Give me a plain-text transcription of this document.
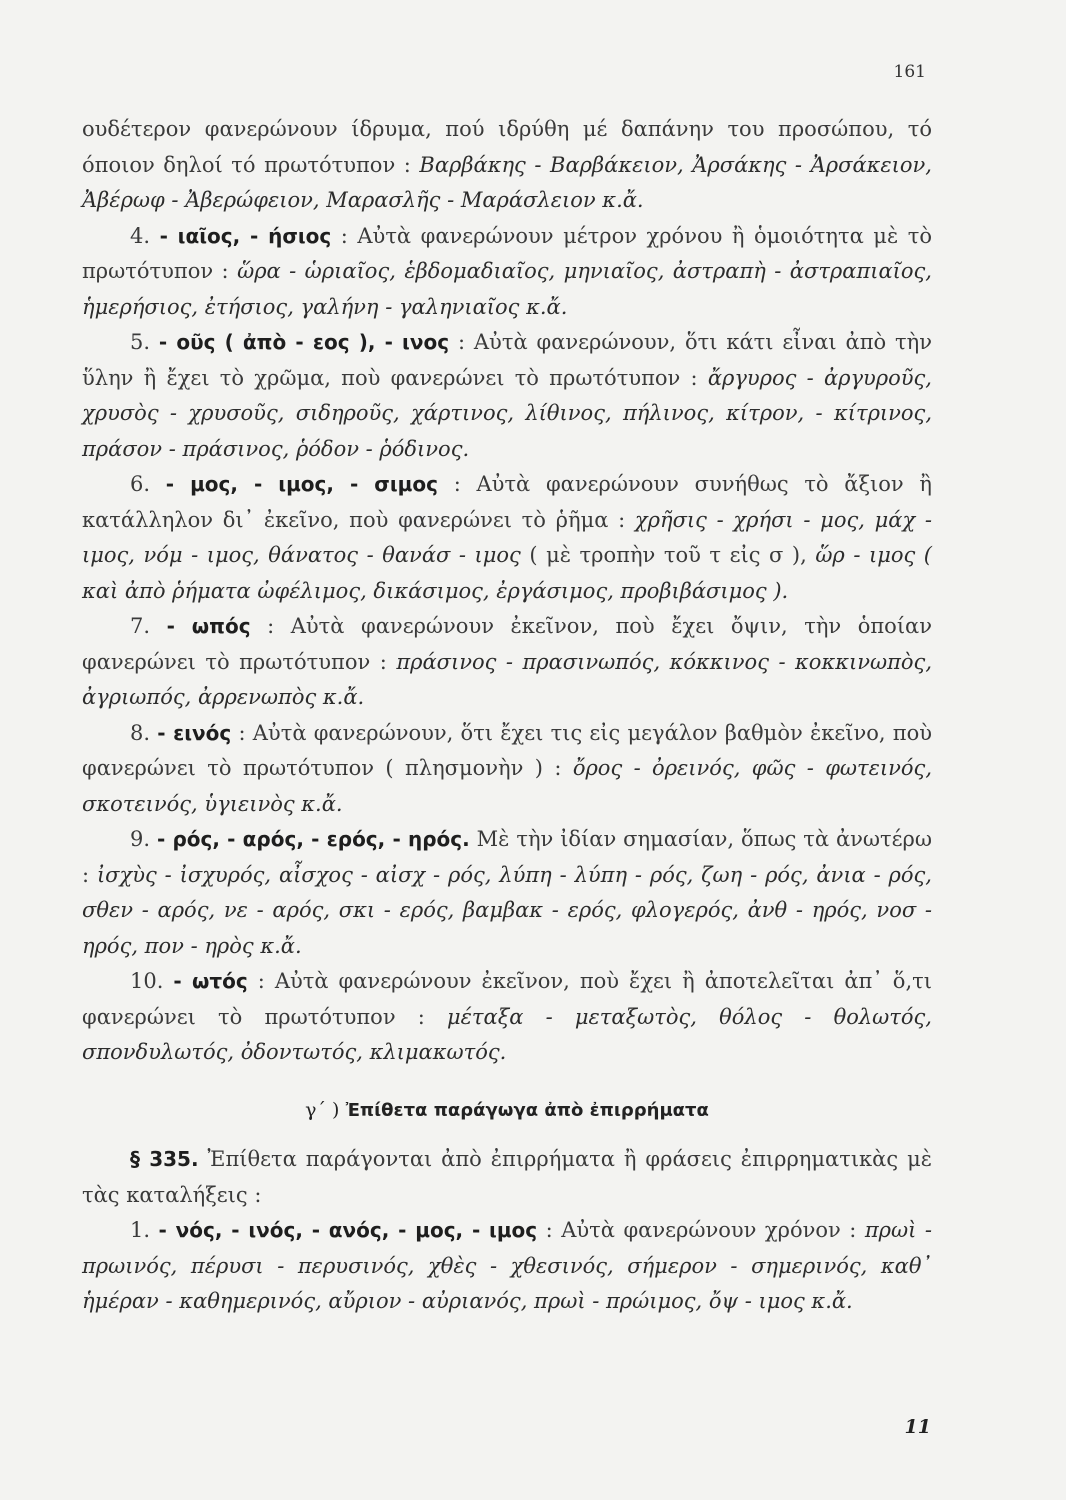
161

ουδέτερον φανερώνουν ίδρυμα, πού ιδρύθη μέ δαπάνην του προσώπου, τό όποιον δηλοί τό πρωτότυπον : Βαρβάκης - Βαρβάκειον, Ἀρσάκης - Ἀρσάκειον, Ἀβέρωφ - Ἀβερώφειον, Μαρασλῆς - Μαράσλειον κ.ἄ.

4. - ιαῖος, - ήσιος : Αὐτὰ φανερώνουν μέτρον χρόνου ἢ ὁμοιότητα μὲ τὸ πρωτότυπον : ὥρα - ὡριαῖος, ἑβδομαδιαῖος, μηνιαῖος, ἀστραπὴ - ἀστραπιαῖος, ἡμερήσιος, ἐτήσιος, γαλήνη - γαληνιαῖος κ.ἄ.

5. - οῦς ( ἀπὸ - εος ), - ινος : Αὐτὰ φανερώνουν, ὅτι κάτι εἶναι ἀπὸ τὴν ὕλην ἢ ἔχει τὸ χρῶμα, ποὺ φανερώνει τὸ πρωτότυπον : ἄργυρος - ἀργυροῦς, χρυσὸς - χρυσοῦς, σιδηροῦς, χάρτινος, λίθινος, πήλινος, κίτρον, - κίτρινος, πράσον - πράσινος, ῥόδον - ῥόδινος.

6. - μος, - ιμος, - σιμος : Αὐτὰ φανερώνουν συνήθως τὸ ἄξιον ἢ κατάλληλον δι᾽ ἐκεῖνο, ποὺ φανερώνει τὸ ῥῆμα : χρῆσις - χρήσι - μος, μάχ - ιμος, νόμ - ιμος, θάνατος - θανάσ - ιμος ( μὲ τροπὴν τοῦ τ εἰς σ ), ὥρ - ιμος ( καὶ ἀπὸ ῥήματα ὠφέλιμος, δικάσιμος, ἐργάσιμος, προβιβάσιμος ).

7. - ωπός : Αὐτὰ φανερώνουν ἐκεῖνον, ποὺ ἔχει ὄψιν, τὴν ὁποίαν φανερώνει τὸ πρωτότυπον : πράσινος - πρασινωπός, κόκκινος - κοκκινωπὸς, ἀγριωπός, ἀρρενωπὸς κ.ἄ.

8. - εινός : Αὐτὰ φανερώνουν, ὅτι ἔχει τις εἰς μεγάλον βαθμὸν ἐκεῖνο, ποὺ φανερώνει τὸ πρωτότυπον ( πλησμονὴν ) : ὄρος - ὀρεινός, φῶς - φωτεινός, σκοτεινός, ὑγιεινὸς κ.ἄ.

9. - ρός, - αρός, - ερός, - ηρός. Μὲ τὴν ἰδίαν σημασίαν, ὅπως τὰ ἀνωτέρω : ἰσχὺς - ἰσχυρός, αἶσχος - αἰσχ - ρός, λύπη - λύπη - ρός, ζωη - ρός, ἀνια - ρός, σθεν - αρός, νε - αρός, σκι - ερός, βαμβακ - ερός, φλογερός, ἀνθ - ηρός, νοσ - ηρός, πον - ηρὸς κ.ἄ.

10. - ωτός : Αὐτὰ φανερώνουν ἐκεῖνον, ποὺ ἔχει ἢ ἀποτελεῖται ἀπ᾽ ὅ,τι φανερώνει τὸ πρωτότυπον : μέταξα - μεταξωτὸς, θόλος - θολωτός, σπονδυλωτός, ὀδοντωτός, κλιμακωτός.

γ´ ) Ἐπίθετα παράγωγα ἀπὸ ἐπιρρήματα

§ 335. Ἐπίθετα παράγονται ἀπὸ ἐπιρρήματα ἢ φράσεις ἐπιρρηματικὰς μὲ τὰς καταλήξεις :

1. - νός, - ινός, - ανός, - μος, - ιμος : Αὐτὰ φανερώνουν χρόνον : πρωὶ - πρωινός, πέρυσι - περυσινός, χθὲς - χθεσινός, σήμερον - σημερινός, καθ᾽ ἡμέραν - καθημερινός, αὔριον - αὐριανός, πρωὶ - πρώιμος, ὄψ - ιμος κ.ἄ.

11
